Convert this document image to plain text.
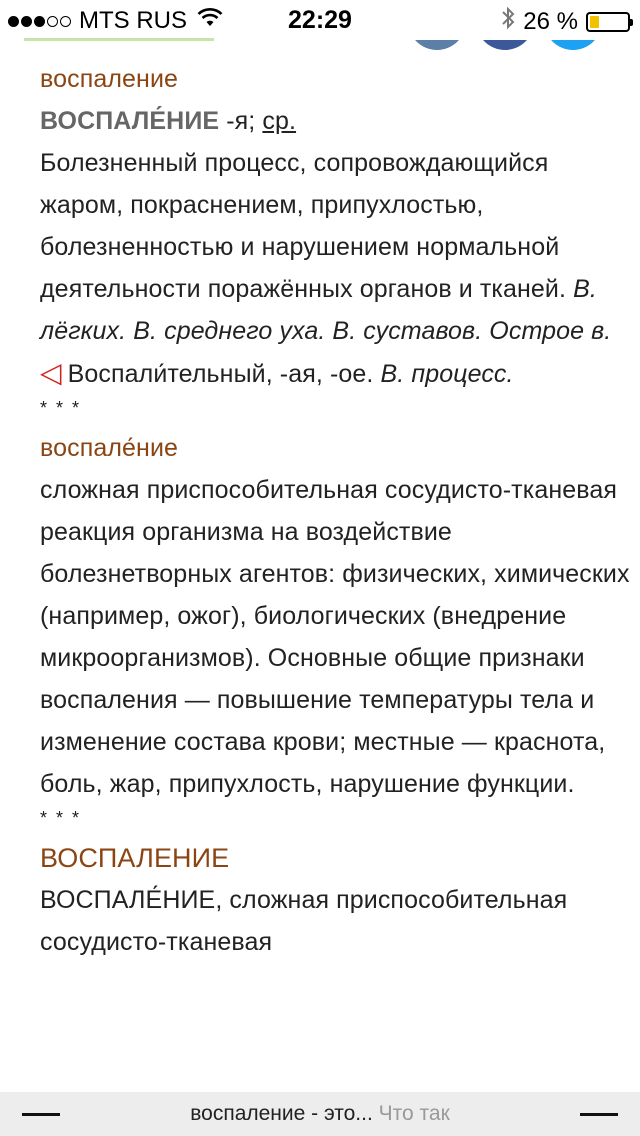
MTS RUS	22:29	26 %

воспаление

ВОСПАЛЕ́НИЕ -я; ср.

Болезненный процесс, сопровождающийся жаром, покраснением, припухлостью, болезненностью и нарушением нормальной деятельности поражённых органов и тканей. В. лёгких. В. среднего уха. В. суставов. Острое в.

◁ Воспали́тельный, -ая, -ое. В. процесс.

* * *

воспале́ние

сложная приспособительная сосудисто-тканевая реакция организма на воздействие болезнетворных агентов: физических, химических (например, ожог), биологических (внедрение микроорганизмов). Основные общие признаки воспаления — повышение температуры тела и изменение состава крови; местные — краснота, боль, жар, припухлость, нарушение функции.

* * *

ВОСПАЛЕНИЕ

ВОСПАЛЕ́НИЕ, сложная приспособительная сосудисто-тканевая

воспаление - это... Что так
